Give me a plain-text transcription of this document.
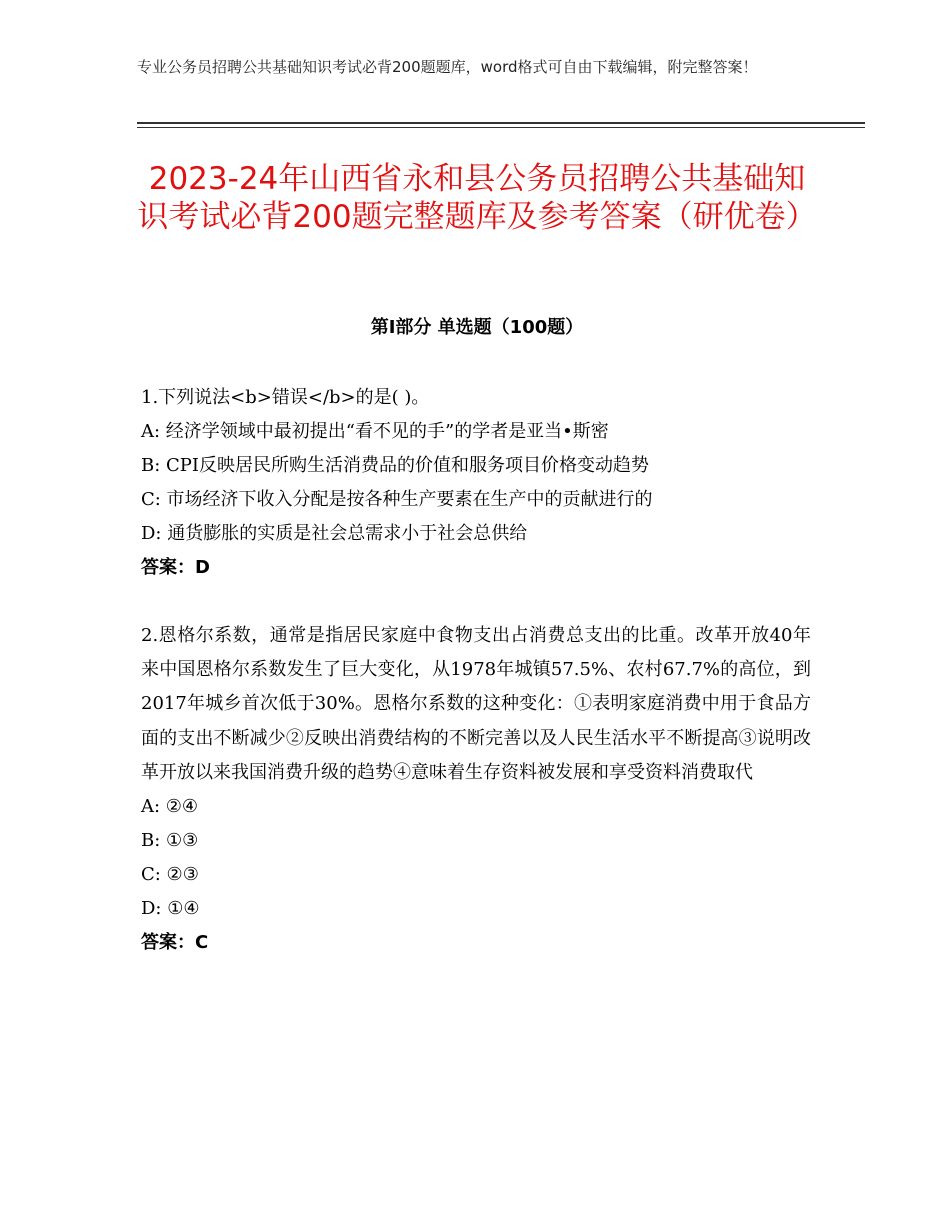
专业公务员招聘公共基础知识考试必背200题题库，word格式可自由下载编辑，附完整答案！
2023-24年山西省永和县公务员招聘公共基础知识考试必背200题完整题库及参考答案（研优卷）
第Ⅰ部分 单选题（100题）

1.下列说法<b>错误</b>的是( )。

A: 经济学领域中最初提出“看不见的手”的学者是亚当•斯密

B: CPI反映居民所购生活消费品的价值和服务项目价格变动趋势

C: 市场经济下收入分配是按各种生产要素在生产中的贡献进行的

D: 通货膨胀的实质是社会总需求小于社会总供给

答案：D

2.恩格尔系数，通常是指居民家庭中食物支出占消费总支出的比重。改革开放40年来中国恩格尔系数发生了巨大变化，从1978年城镇57.5%、农村67.7%的高位，到2017年城乡首次低于30%。恩格尔系数的这种变化：①表明家庭消费中用于食品方面的支出不断减少②反映出消费结构的不断完善以及人民生活水平不断提高③说明改革开放以来我国消费升级的趋势④意味着生存资料被发展和享受资料消费取代

A: ②④

B: ①③

C: ②③

D: ①④

答案：C
